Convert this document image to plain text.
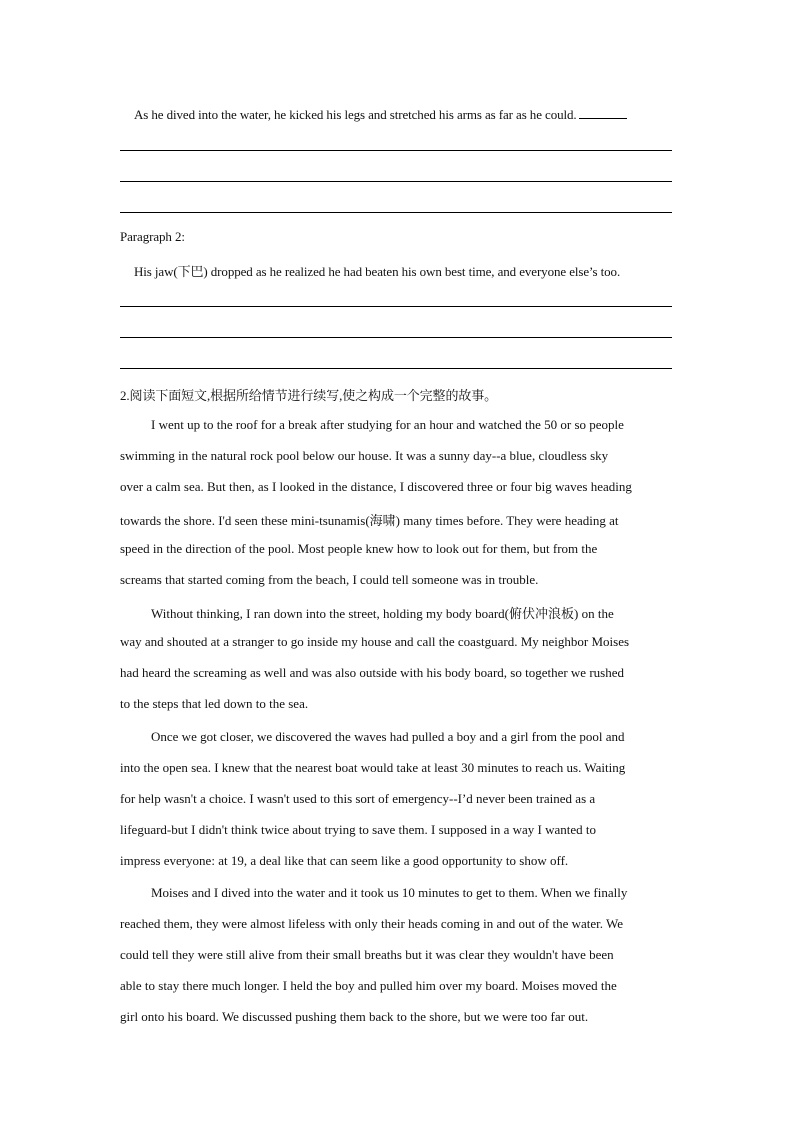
As he dived into the water, he kicked his legs and stretched his arms as far as he could.
Paragraph 2:
His jaw(下巴) dropped as he realized he had beaten his own best time, and everyone else’s too.
2.阅读下面短文,根据所给情节进行续写,使之构成一个完整的故事。
I went up to the roof for a break after studying for an hour and watched the 50 or so people
swimming in the natural rock pool below our house. It was a sunny day--a blue, cloudless sky
over a calm sea. But then, as I looked in the distance, I discovered three or four big waves heading
towards the shore. I'd seen these mini-tsunamis(海啸) many times before. They were heading at
speed in the direction of the pool. Most people knew how to look out for them, but from the
screams that started coming from the beach, I could tell someone was in trouble.
Without thinking, I ran down into the street, holding my body board(俯伏冲浪板) on the
way and shouted at a stranger to go inside my house and call the coastguard. My neighbor Moises
had heard the screaming as well and was also outside with his body board, so together we rushed
to the steps that led down to the sea.
Once we got closer, we discovered the waves had pulled a boy and a girl from the pool and
into the open sea. I knew that the nearest boat would take at least 30 minutes to reach us. Waiting
for help wasn't a choice. I wasn't used to this sort of emergency--I’d never been trained as a
lifeguard-but I didn't think twice about trying to save them. I supposed in a way I wanted to
impress everyone: at 19, a deal like that can seem like a good opportunity to show off.
Moises and I dived into the water and it took us 10 minutes to get to them. When we finally
reached them, they were almost lifeless with only their heads coming in and out of the water. We
could tell they were still alive from their small breaths but it was clear they wouldn't have been
able to stay there much longer. I held the boy and pulled him over my board. Moises moved the
girl onto his board. We discussed pushing them back to the shore, but we were too far out.
